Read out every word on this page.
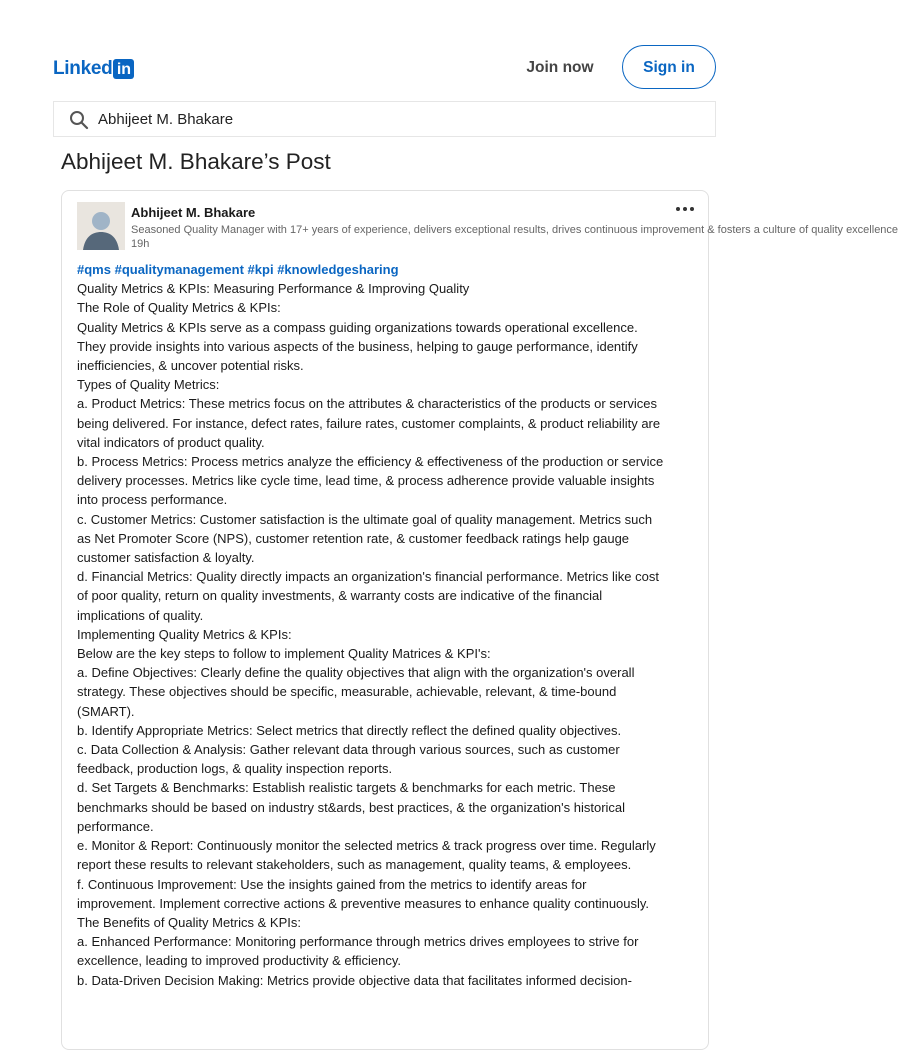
Linked in	Join now	Sign in
Abhijeet M. Bhakare
Abhijeet M. Bhakare’s Post
Abhijeet M. Bhakare
Seasoned Quality Manager with 17+ years of experience, delivers exceptional results, drives continuous improvement & fosters a culture of quality excellence
19h
#qms #qualitymanagement #kpi #knowledgesharing
Quality Metrics & KPIs: Measuring Performance & Improving Quality
The Role of Quality Metrics & KPIs:
Quality Metrics & KPIs serve as a compass guiding organizations towards operational excellence.
They provide insights into various aspects of the business, helping to gauge performance, identify
inefficiencies, & uncover potential risks.
Types of Quality Metrics:
a. Product Metrics: These metrics focus on the attributes & characteristics of the products or services
being delivered. For instance, defect rates, failure rates, customer complaints, & product reliability are
vital indicators of product quality.
b. Process Metrics: Process metrics analyze the efficiency & effectiveness of the production or service
delivery processes. Metrics like cycle time, lead time, & process adherence provide valuable insights
into process performance.
c. Customer Metrics: Customer satisfaction is the ultimate goal of quality management. Metrics such
as Net Promoter Score (NPS), customer retention rate, & customer feedback ratings help gauge
customer satisfaction & loyalty.
d. Financial Metrics: Quality directly impacts an organization's financial performance. Metrics like cost
of poor quality, return on quality investments, & warranty costs are indicative of the financial
implications of quality.
Implementing Quality Metrics & KPIs:
Below are the key steps to follow to implement Quality Matrices & KPI's:
a. Define Objectives: Clearly define the quality objectives that align with the organization's overall
strategy. These objectives should be specific, measurable, achievable, relevant, & time-bound
(SMART).
b. Identify Appropriate Metrics: Select metrics that directly reflect the defined quality objectives.
c. Data Collection & Analysis: Gather relevant data through various sources, such as customer
feedback, production logs, & quality inspection reports.
d. Set Targets & Benchmarks: Establish realistic targets & benchmarks for each metric. These
benchmarks should be based on industry st&ards, best practices, & the organization's historical
performance.
e. Monitor & Report: Continuously monitor the selected metrics & track progress over time. Regularly
report these results to relevant stakeholders, such as management, quality teams, & employees.
f. Continuous Improvement: Use the insights gained from the metrics to identify areas for
improvement. Implement corrective actions & preventive measures to enhance quality continuously.
The Benefits of Quality Metrics & KPIs:
a. Enhanced Performance: Monitoring performance through metrics drives employees to strive for
excellence, leading to improved productivity & efficiency.
b. Data-Driven Decision Making: Metrics provide objective data that facilitates informed decision-
